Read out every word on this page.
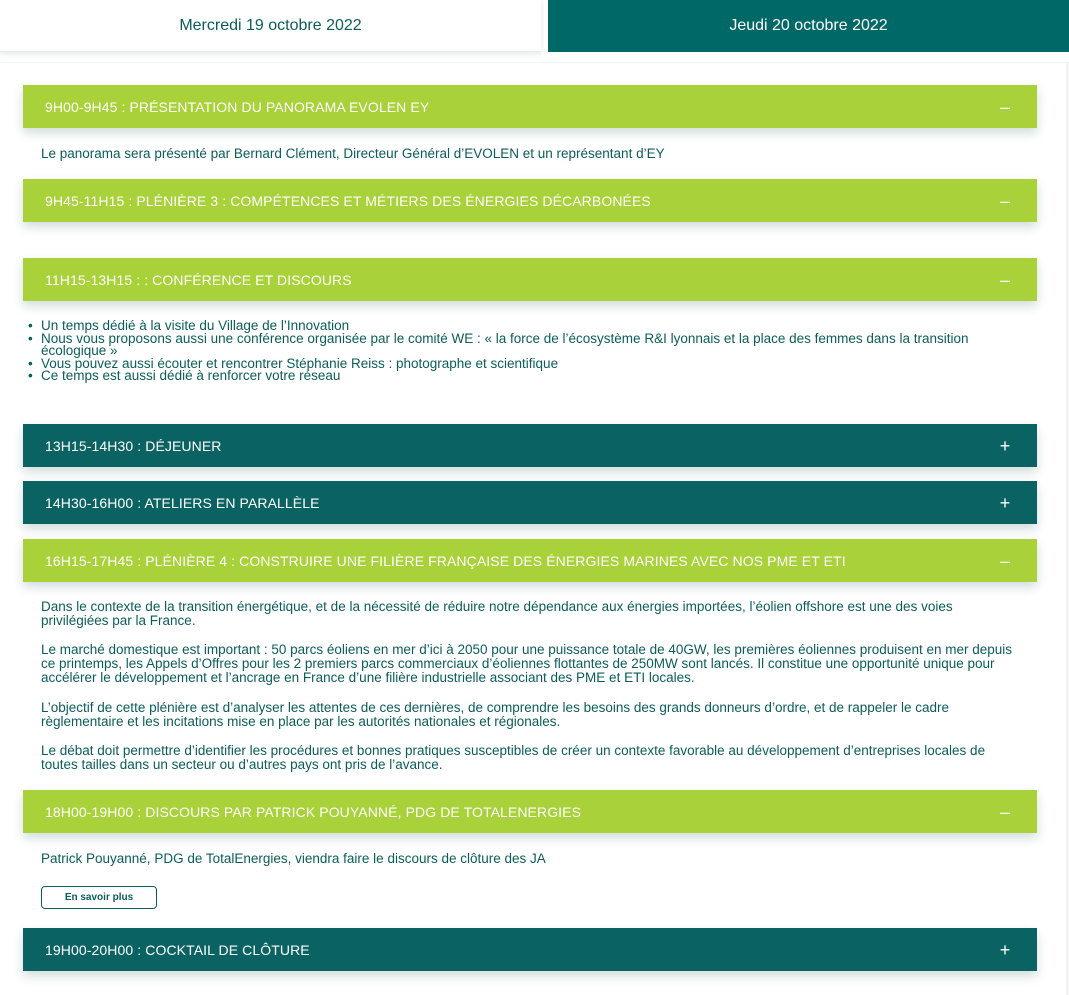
Mercredi 19 octobre 2022	Jeudi 20 octobre 2022
9H00-9H45 : PRÉSENTATION DU PANORAMA EVOLEN EY	–
Le panorama sera présenté par Bernard Clément, Directeur Général d’EVOLEN et un représentant d’EY
9H45-11H15 : PLÉNIÈRE 3 : COMPÉTENCES ET MÉTIERS DES ÉNERGIES DÉCARBONÉES	–
11H15-13H15 : : CONFÉRENCE ET DISCOURS	–
• Un temps dédié à la visite du Village de l’Innovation
• Nous vous proposons aussi une conférence organisée par le comité WE : « la force de l’écosystème R&I lyonnais et la place des femmes dans la transition écologique »
• Vous pouvez aussi écouter et rencontrer Stéphanie Reiss : photographe et scientifique
• Ce temps est aussi dédié à renforcer votre réseau
13H15-14H30 : DÉJEUNER	+
14H30-16H00 : ATELIERS EN PARALLÈLE	+
16H15-17H45 : PLÉNIÈRE 4 : CONSTRUIRE UNE FILIÈRE FRANÇAISE DES ÉNERGIES MARINES AVEC NOS PME ET ETI	–
Dans le contexte de la transition énergétique, et de la nécessité de réduire notre dépendance aux énergies importées, l’éolien offshore est une des voies privilégiées par la France.
Le marché domestique est important : 50 parcs éoliens en mer d’ici à 2050 pour une puissance totale de 40GW, les premières éoliennes produisent en mer depuis ce printemps, les Appels d’Offres pour les 2 premiers parcs commerciaux d’éoliennes flottantes de 250MW sont lancés. Il constitue une opportunité unique pour accélérer le développement et l’ancrage en France d’une filière industrielle associant des PME et ETI locales.
L’objectif de cette plénière est d’analyser les attentes de ces dernières, de comprendre les besoins des grands donneurs d’ordre, et de rappeler le cadre règlementaire et les incitations mise en place par les autorités nationales et régionales.
Le débat doit permettre d’identifier les procédures et bonnes pratiques susceptibles de créer un contexte favorable au développement d’entreprises locales de toutes tailles dans un secteur ou d’autres pays ont pris de l’avance.
18H00-19H00 : DISCOURS PAR PATRICK POUYANNÉ, PDG DE TOTALENERGIES	–
Patrick Pouyanné, PDG de TotalEnergies, viendra faire le discours de clôture des JA
En savoir plus
19H00-20H00 : COCKTAIL DE CLÔTURE	+
